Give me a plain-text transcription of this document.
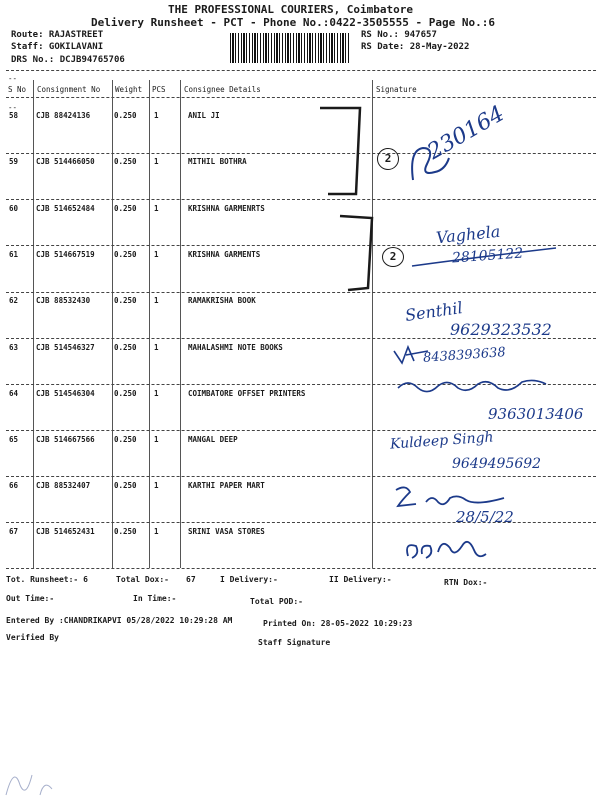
THE PROFESSIONAL COURIERS, Coimbatore
Delivery Runsheet - PCT - Phone No.:0422-3505555 - Page No.:6
Route: RAJASTREET
Staff: GOKILAVANI
DRS No.: DCJB94765706
RS No.: 947657
RS Date: 28-May-2022
--
--
S No Consignment No Weight PCS Consignee Details	Signature
58 CJB 88424136	0.250 1	ANIL JI
59 CJB 514466050	0.250 1	MITHIL BOTHRA
60 CJB 514652484	0.250 1	KRISHNA GARMENRTS
61 CJB 514667519	0.250 1	KRISHNA GARMENTS
62 CJB 88532430	0.250 1	RAMAKRISHA BOOK
63 CJB 514546327	0.250 1	MAHALASHMI NOTE BOOKS
64 CJB 514546304	0.250 1	COIMBATORE OFFSET PRINTERS
65 CJB 514667566	0.250 1	MANGAL DEEP
66 CJB 88532407	0.250 1	KARTHI PAPER MART
67 CJB 514652431	0.250 1	SRINI VASA STORES
2
2
230164
Vaghela
28105122
Senthil
9629323532
8438393638
9363013406
Kuldeep Singh
9649495692
28/5/22
Tot. Runsheet:- 6	Total Dox:- 67	I Delivery:-	II Delivery:-	RTN Dox:-
Out Time:-	In Time:-	Total POD:-
Entered By :CHANDRIKAPVI 05/28/2022 10:29:28 AM	Printed On: 28-05-2022 10:29:23
Verified By
Staff Signature
